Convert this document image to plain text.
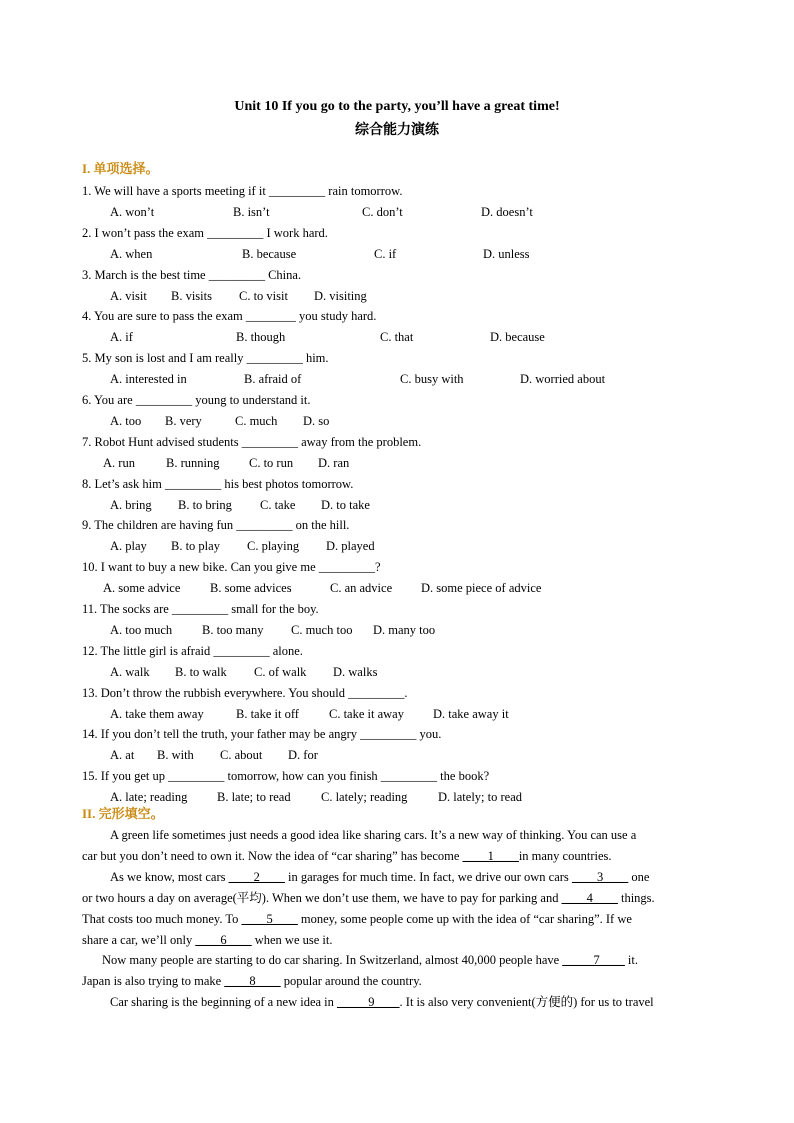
Unit 10 If you go to the party, you’ll have a great time!
综合能力演练
I. 单项选择。
1. We will have a sports meeting if it _________ rain tomorrow.
A. won’t	B. isn’t	C. don’t	D. doesn’t
2. I won’t pass the exam _________ I work hard.
A. when	B. because	C. if	D. unless
3. March is the best time _________ China.
A. visit B. visits C. to visit D. visiting
4. You are sure to pass the exam ________ you study hard.
A. if	B. though	C. that	D. because
5. My son is lost and I am really _________ him.
A. interested in	B. afraid of	C. busy with	D. worried about
6. You are _________ young to understand it.
A. too B. very	C. much D. so
7. Robot Hunt advised students _________ away from the problem.
A. run B. running C. to run D. ran
8. Let’s ask him _________ his best photos tomorrow.
A. bring B. to bring C. take D. to take
9. The children are having fun _________ on the hill.
A. play B. to play C. playing D. played
10. I want to buy a new bike. Can you give me _________?
A. some advice B. some advices	C. an advice D. some piece of advice
11. The socks are _________ small for the boy.
A. too much B. too many C. much too D. many too
12. The little girl is afraid _________ alone.
A. walk B. to walk C. of walk D. walks
13. Don’t throw the rubbish everywhere. You should _________.
A. take them away	B. take it off C. take it away D. take away it
14. If you don’t tell the truth, your father may be angry _________ you.
A. at B. with C. about D. for
15. If you get up _________ tomorrow, how can you finish _________ the book?
A. late; reading B. late; to read C. lately; reading D. lately; to read
II. 完形填空。
A green life sometimes just needs a good idea like sharing cars. It’s a new way of thinking. You can use a
car but you don’t need to own it. Now the idea of “car sharing” has become ____1____in many countries.
As we know, most cars ____2____ in garages for much time. In fact, we drive our own cars ____3____ one
or two hours a day on average(平均). When we don’t use them, we have to pay for parking and ____4____ things.
That costs too much money. To ____5____ money, some people come up with the idea of “car sharing”. If we
share a car, we’ll only ____6____ when we use it.
Now many people are starting to do car sharing. In Switzerland, almost 40,000 people have _____7____ it.
Japan is also trying to make ____8____ popular around the country.
Car sharing is the beginning of a new idea in _____9____. It is also very convenient(方便的) for us to travel
